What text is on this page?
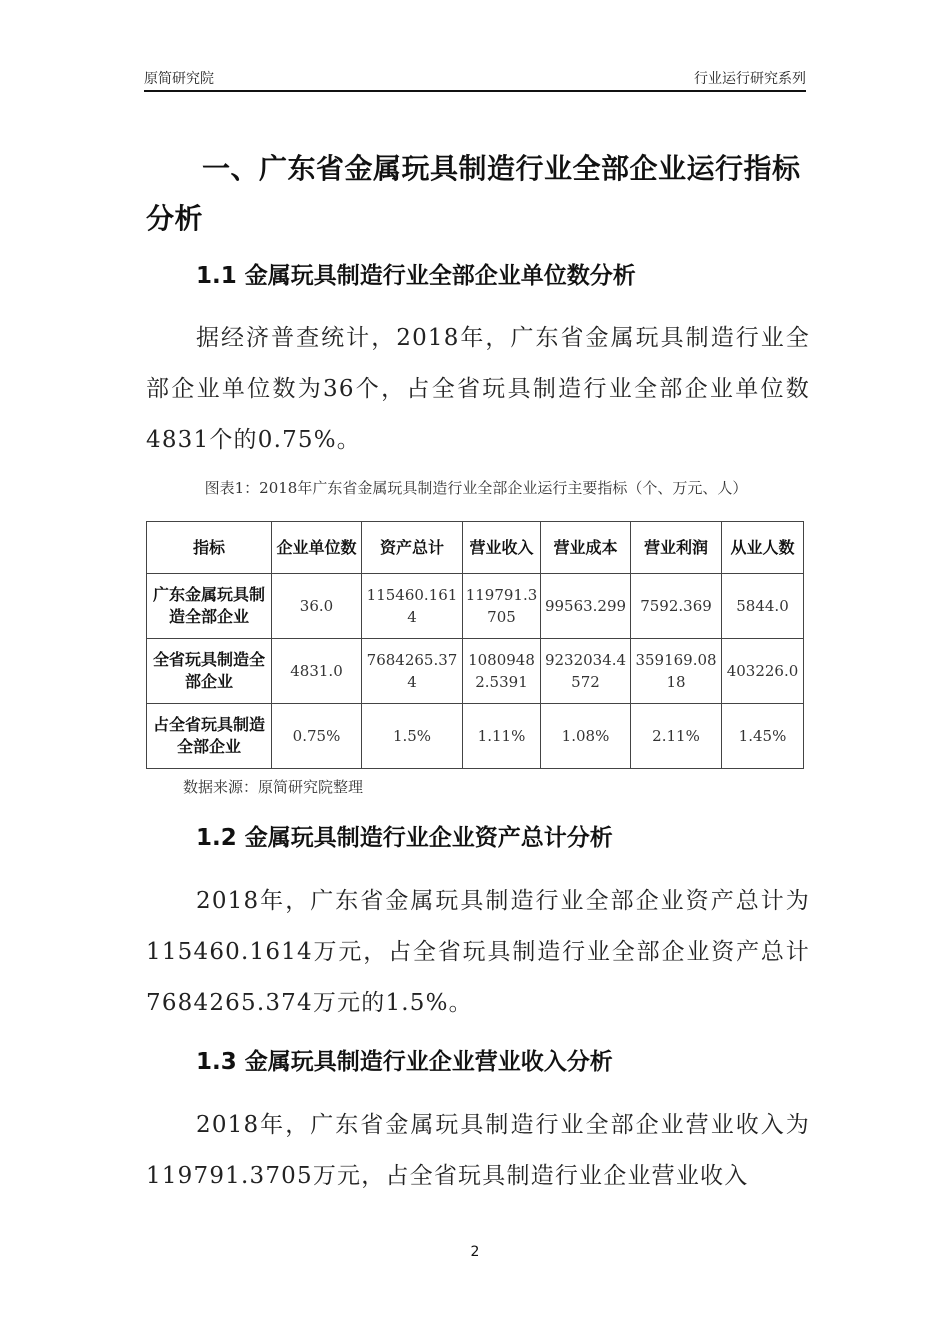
原简研究院	行业运行研究系列
一、广东省金属玩具制造行业全部企业运行指标分析
1.1 金属玩具制造行业全部企业单位数分析
据经济普查统计，2018年，广东省金属玩具制造行业全部企业单位数为36个，占全省玩具制造行业全部企业单位数4831个的0.75%。
图表1：2018年广东省金属玩具制造行业全部企业运行主要指标（个、万元、人）
指标	企业单位数	资产总计	营业收入	营业成本	营业利润	从业人数
广东金属玩具制造全部企业	36.0	115460.1614	119791.3705	99563.299	7592.369	5844.0
全省玩具制造全部企业	4831.0	7684265.374	10809482.5391	9232034.4572	359169.0818	403226.0
占全省玩具制造全部企业	0.75%	1.5%	1.11%	1.08%	2.11%	1.45%
数据来源：原简研究院整理
1.2 金属玩具制造行业企业资产总计分析
2018年，广东省金属玩具制造行业全部企业资产总计为115460.1614万元，占全省玩具制造行业全部企业资产总计7684265.374万元的1.5%。
1.3 金属玩具制造行业企业营业收入分析
2018年，广东省金属玩具制造行业全部企业营业收入为119791.3705万元，占全省玩具制造行业企业营业收入
2
